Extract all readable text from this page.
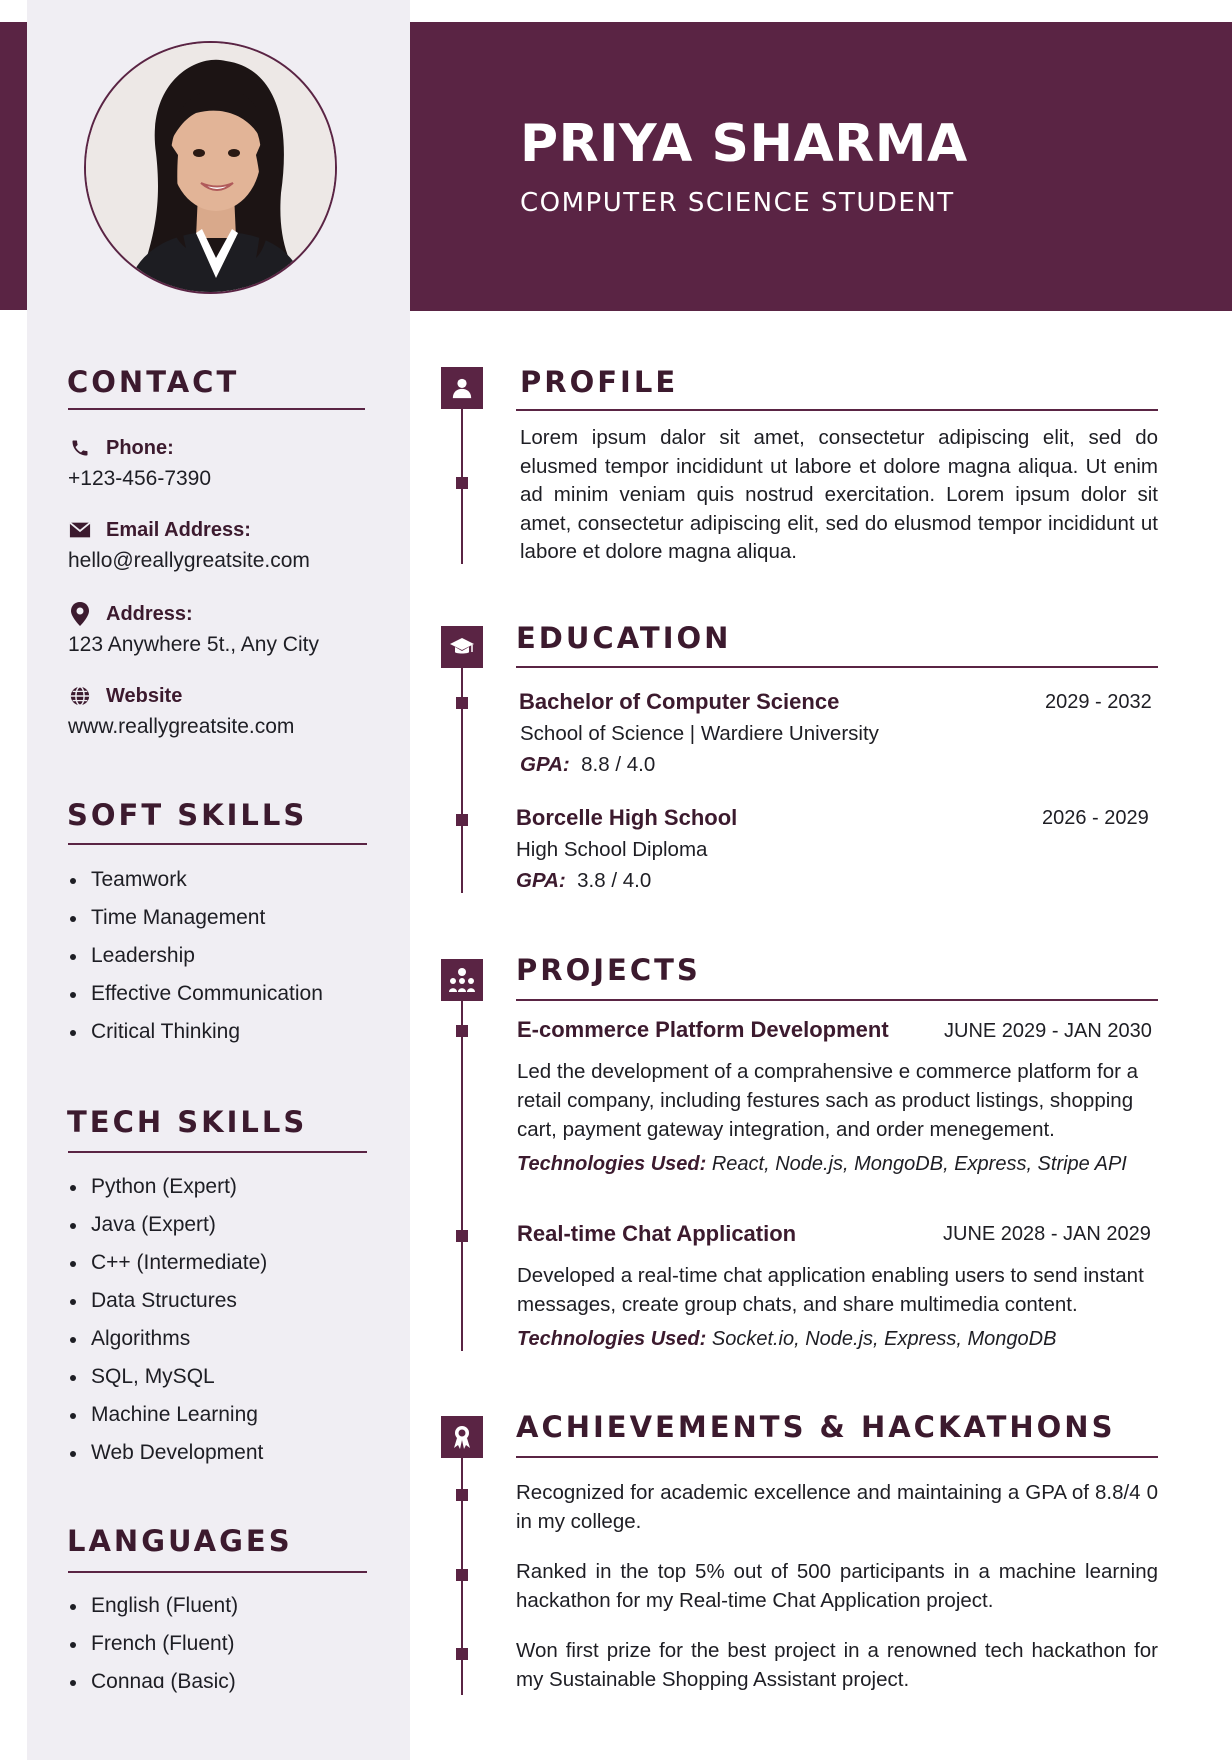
PRIYA SHARMA
COMPUTER SCIENCE STUDENT
CONTACT
Phone:
+123-456-7390
Email Address:
hello@reallygreatsite.com
Address:
123 Anywhere 5t., Any City
Website
www.reallygreatsite.com
SOFT SKILLS
Teamwork
Time Management
Leadership
Effective Communication
Critical Thinking
TECH SKILLS
Python (Expert)
Java (Expert)
C++ (Intermediate)
Data Structures
Algorithms
SQL, MySQL
Machine Learning
Web Development
LANGUAGES
English (Fluent)
French (Fluent)
Connaɑ (Basic)
PROFILE
Lorem ipsum dalor sit amet, consectetur adipiscing elit, sed do elusmed tempor incididunt ut labore et dolore magna aliqua. Ut enim ad minim veniam quis nostrud exercitation. Lorem ipsum dolor sit amet, consectetur adipiscing elit, sed do elusmod tempor incididunt ut labore et dolore magna aliqua.
EDUCATION
Bachelor of Computer Science	2029 - 2032
School of Science | Wardiere University
GPA: 8.8 / 4.0
Borcelle High School	2026 - 2029
High School Diploma
GPA: 3.8 / 4.0
PROJECTS
E-commerce Platform Development	JUNE 2029 - JAN 2030
Led the development of a comprahensive e commerce platform for a
retail company, including festures sach as product listings, shopping
cart, payment gateway integration, and order menegement.
Technologies Used: React, Node.js, MongoDB, Express, Stripe API
Real-time Chat Application	JUNE 2028 - JAN 2029
Developed a real-time chat application enabling users to send instant
messages, create group chats, and share multimedia content.
Technologies Used: Socket.io, Node.js, Express, MongoDB
ACHIEVEMENTS & HACKATHONS
Recognized for academic excellence and maintaining a GPA of 8.8/4 0 in my college.
Ranked in the top 5% out of 500 participants in a machine learning hackathon for my Real-time Chat Application project.
Won first prize for the best project in a renowned tech hackathon for my Sustainable Shopping Assistant project.
